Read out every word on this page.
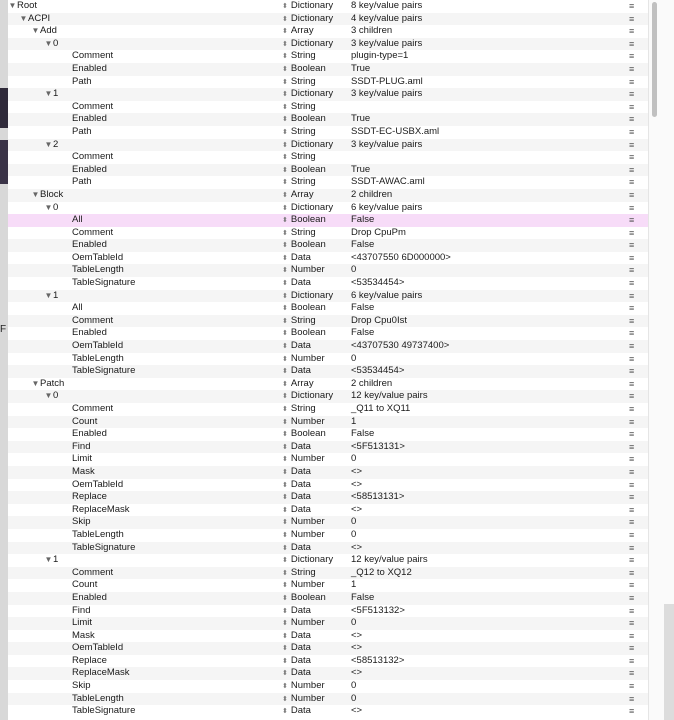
F
▼ Root	⬍ Dictionary 8 key/value pairs	≡
▼ ACPI	⬍ Dictionary 4 key/value pairs	≡
▼ Add	⬍ Array	3 children	≡
▼ 0	⬍ Dictionary 3 key/value pairs	≡
Comment	⬍ String	plugin-type=1	≡
Enabled	⬍ Boolean	True	≡
Path	⬍ String	SSDT-PLUG.aml	≡
▼ 1	⬍ Dictionary 3 key/value pairs	≡
Comment	⬍ String	≡
Enabled	⬍ Boolean	True	≡
Path	⬍ String	SSDT-EC-USBX.aml	≡
▼ 2	⬍ Dictionary 3 key/value pairs	≡
Comment	⬍ String	≡
Enabled	⬍ Boolean	True	≡
Path	⬍ String	SSDT-AWAC.aml	≡
▼ Block	⬍ Array	2 children	≡
▼ 0	⬍ Dictionary 6 key/value pairs	≡
All	⬍ Boolean	False	≡
Comment	⬍ String	Drop CpuPm	≡
Enabled	⬍ Boolean	False	≡
OemTableId	⬍ Data	<43707550 6D000000>	≡
TableLength	⬍ Number	0	≡
TableSignature	⬍ Data	<53534454>	≡
▼ 1	⬍ Dictionary 6 key/value pairs	≡
All	⬍ Boolean	False	≡
Comment	⬍ String	Drop Cpu0Ist	≡
Enabled	⬍ Boolean	False	≡
OemTableId	⬍ Data	<43707530 49737400>	≡
TableLength	⬍ Number	0	≡
TableSignature	⬍ Data	<53534454>	≡
▼ Patch	⬍ Array	2 children	≡
▼ 0	⬍ Dictionary 12 key/value pairs	≡
Comment	⬍ String	_Q11 to XQ11	≡
Count	⬍ Number	1	≡
Enabled	⬍ Boolean	False	≡
Find	⬍ Data	<5F513131>	≡
Limit	⬍ Number	0	≡
Mask	⬍ Data	<>	≡
OemTableId	⬍ Data	<>	≡
Replace	⬍ Data	<58513131>	≡
ReplaceMask	⬍ Data	<>	≡
Skip	⬍ Number	0	≡
TableLength	⬍ Number	0	≡
TableSignature	⬍ Data	<>	≡
▼ 1	⬍ Dictionary 12 key/value pairs	≡
Comment	⬍ String	_Q12 to XQ12	≡
Count	⬍ Number	1	≡
Enabled	⬍ Boolean	False	≡
Find	⬍ Data	<5F513132>	≡
Limit	⬍ Number	0	≡
Mask	⬍ Data	<>	≡
OemTableId	⬍ Data	<>	≡
Replace	⬍ Data	<58513132>	≡
ReplaceMask	⬍ Data	<>	≡
Skip	⬍ Number	0	≡
TableLength	⬍ Number	0	≡
TableSignature	⬍ Data	<>	≡
